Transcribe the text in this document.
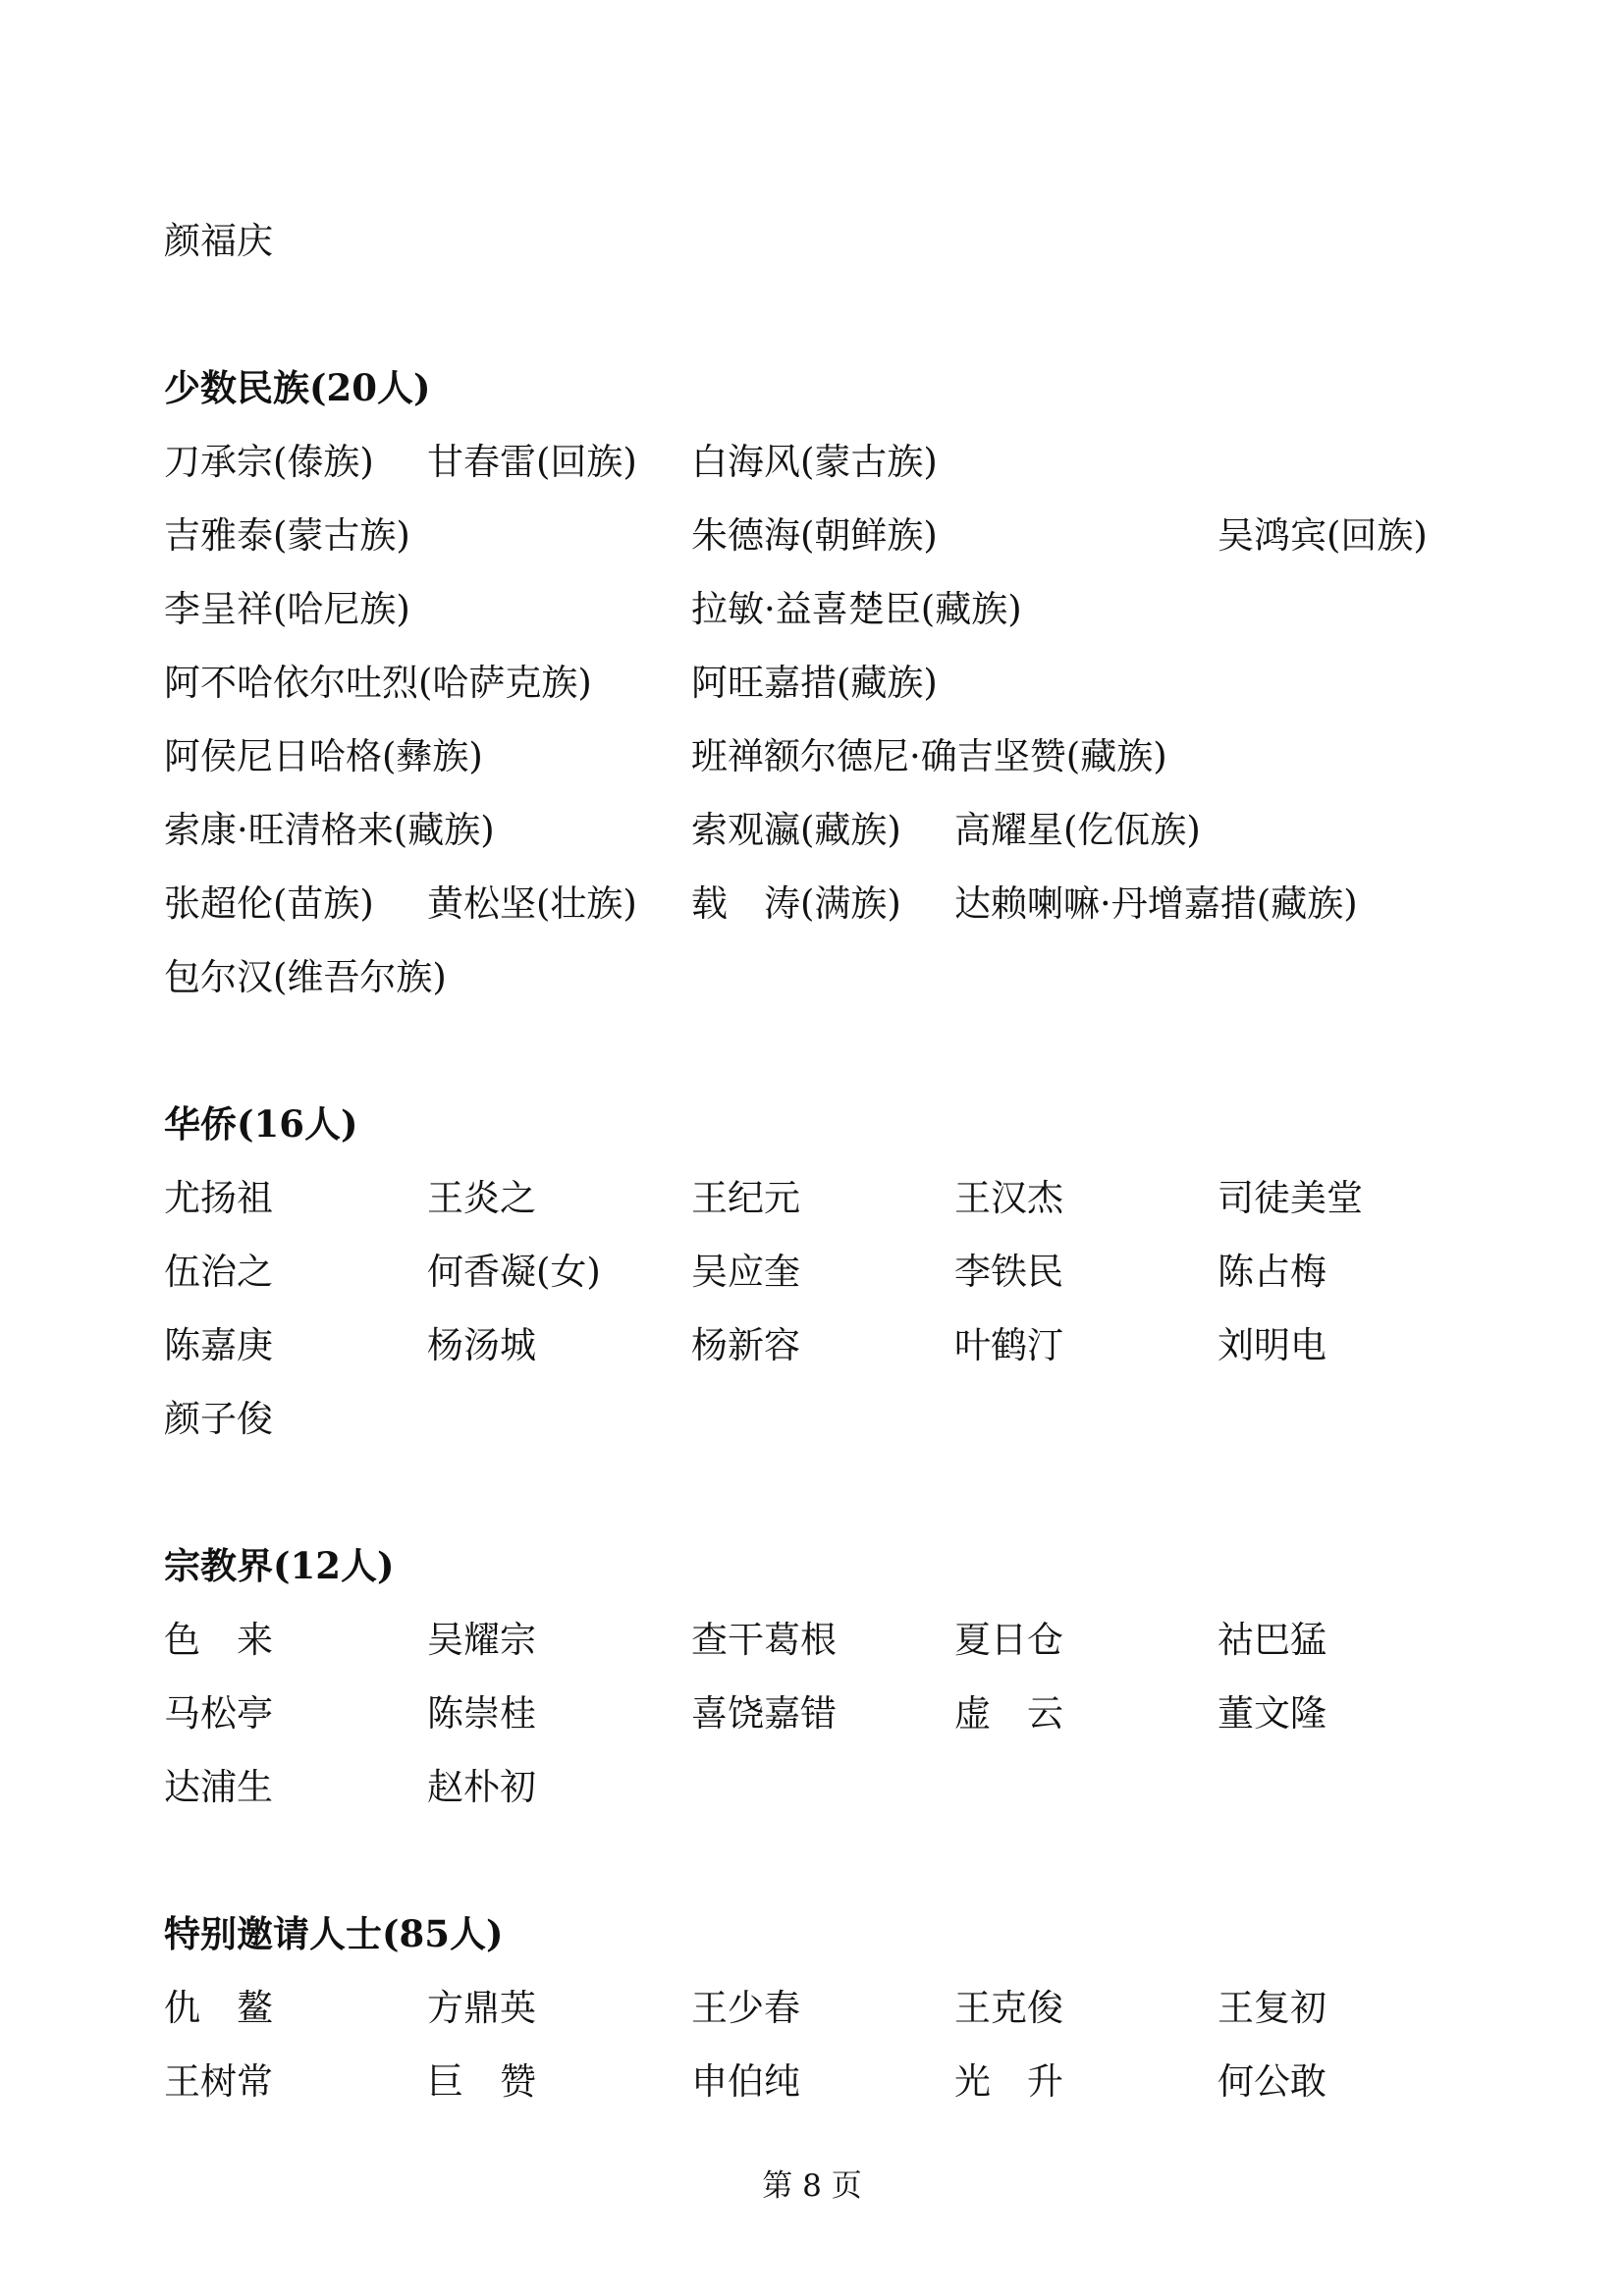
颜福庆
少数民族(20人)
刀承宗(傣族) 甘春雷(回族) 白海风(蒙古族)
吉雅泰(蒙古族)	朱德海(朝鲜族)	吴鸿宾(回族)
李呈祥(哈尼族)	拉敏·益喜楚臣(藏族)
阿不哈依尔吐烈(哈萨克族)	阿旺嘉措(藏族)
阿侯尼日哈格(彝族)	班禅额尔德尼·确吉坚赞(藏族)
索康·旺清格来(藏族)	索观瀛(藏族) 高耀星(仡佤族)
张超伦(苗族) 黄松坚(壮族) 载　涛(满族) 达赖喇嘛·丹增嘉措(藏族)
包尔汉(维吾尔族)
华侨(16人)
尤扬祖	王炎之	王纪元	王汉杰	司徒美堂
伍治之	何香凝(女) 吴应奎	李铁民	陈占梅
陈嘉庚	杨汤城	杨新容	叶鹤汀	刘明电
颜子俊
宗教界(12人)
色　来	吴耀宗	查干葛根	夏日仓	祜巴猛
马松亭	陈崇桂	喜饶嘉错	虚　云	董文隆
达浦生	赵朴初
特别邀请人士(85人)
仇　鳌	方鼎英	王少春	王克俊	王复初
王树常	巨　赞	申伯纯	光　升	何公敢
第 8 页
